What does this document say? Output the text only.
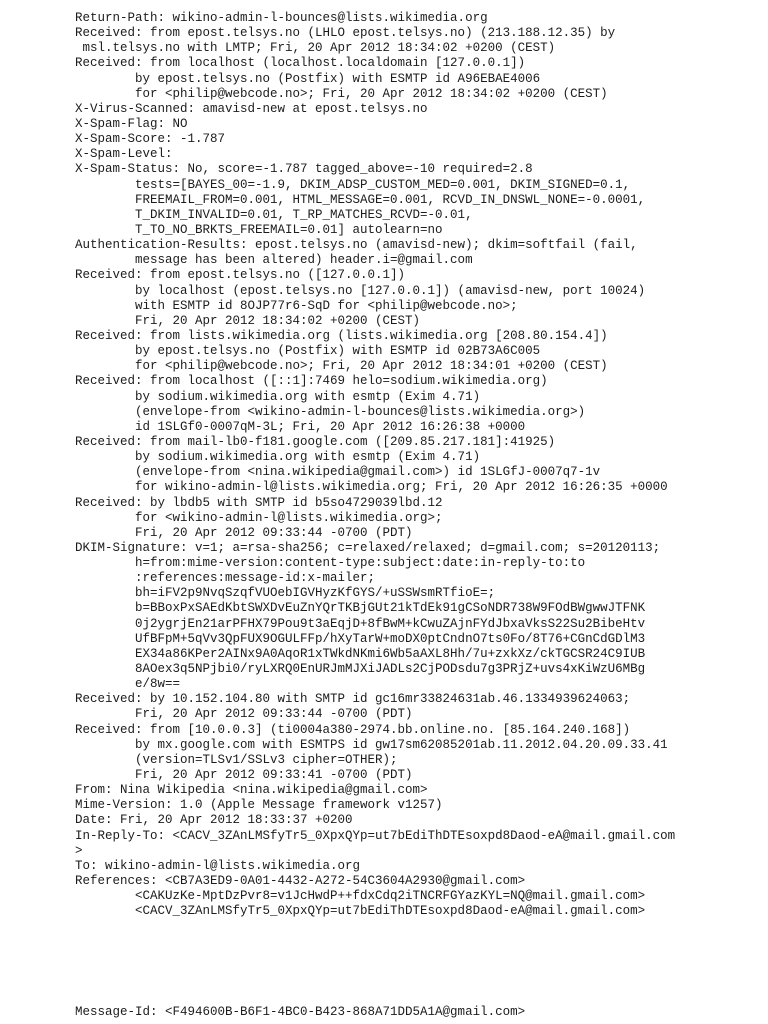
Return-Path: wikino-admin-l-bounces@lists.wikimedia.org
Received: from epost.telsys.no (LHLO epost.telsys.no) (213.188.12.35) by
msl.telsys.no with LMTP; Fri, 20 Apr 2012 18:34:02 +0200 (CEST)
Received: from localhost (localhost.localdomain [127.0.0.1])
by epost.telsys.no (Postfix) with ESMTP id A96EBAE4006
for <philip@webcode.no>; Fri, 20 Apr 2012 18:34:02 +0200 (CEST)
X-Virus-Scanned: amavisd-new at epost.telsys.no
X-Spam-Flag: NO
X-Spam-Score: -1.787
X-Spam-Level:
X-Spam-Status: No, score=-1.787 tagged_above=-10 required=2.8
tests=[BAYES_00=-1.9, DKIM_ADSP_CUSTOM_MED=0.001, DKIM_SIGNED=0.1,
FREEMAIL_FROM=0.001, HTML_MESSAGE=0.001, RCVD_IN_DNSWL_NONE=-0.0001,
T_DKIM_INVALID=0.01, T_RP_MATCHES_RCVD=-0.01,
T_TO_NO_BRKTS_FREEMAIL=0.01] autolearn=no
Authentication-Results: epost.telsys.no (amavisd-new); dkim=softfail (fail,
message has been altered) header.i=@gmail.com
Received: from epost.telsys.no ([127.0.0.1])
by localhost (epost.telsys.no [127.0.0.1]) (amavisd-new, port 10024)
with ESMTP id 8OJP77r6-SqD for <philip@webcode.no>;
Fri, 20 Apr 2012 18:34:02 +0200 (CEST)
Received: from lists.wikimedia.org (lists.wikimedia.org [208.80.154.4])
by epost.telsys.no (Postfix) with ESMTP id 02B73A6C005
for <philip@webcode.no>; Fri, 20 Apr 2012 18:34:01 +0200 (CEST)
Received: from localhost ([::1]:7469 helo=sodium.wikimedia.org)
by sodium.wikimedia.org with esmtp (Exim 4.71)
(envelope-from <wikino-admin-l-bounces@lists.wikimedia.org>)
id 1SLGf0-0007qM-3L; Fri, 20 Apr 2012 16:26:38 +0000
Received: from mail-lb0-f181.google.com ([209.85.217.181]:41925)
by sodium.wikimedia.org with esmtp (Exim 4.71)
(envelope-from <nina.wikipedia@gmail.com>) id 1SLGfJ-0007q7-1v
for wikino-admin-l@lists.wikimedia.org; Fri, 20 Apr 2012 16:26:35 +0000
Received: by lbdb5 with SMTP id b5so4729039lbd.12
for <wikino-admin-l@lists.wikimedia.org>;
Fri, 20 Apr 2012 09:33:44 -0700 (PDT)
DKIM-Signature: v=1; a=rsa-sha256; c=relaxed/relaxed; d=gmail.com; s=20120113;
h=from:mime-version:content-type:subject:date:in-reply-to:to
:references:message-id:x-mailer;
bh=iFV2p9NvqSzqfVUOebIGVHyzKfGYS/+uSSWsmRTfioE=;
b=BBoxPxSAEdKbtSWXDvEuZnYQrTKBjGUt21kTdEk91gCSoNDR738W9FOdBWgwwJTFNK
0j2ygrjEn21arPFHX79Pou9t3aEqjD+8fBwM+kCwuZAjnFYdJbxaVksS22Su2BibeHtv
UfBFpM+5qVv3QpFUX9OGULFFp/hXyTarW+moDX0ptCndnO7ts0Fo/8T76+CGnCdGDlM3
EX34a86KPer2AINx9A0AqoR1xTWkdNKmi6Wb5aAXL8Hh/7u+zxkXz/ckTGCSR24C9IUB
8AOex3q5NPjbi0/ryLXRQ0EnURJmMJXiJADLs2CjPODsdu7g3PRjZ+uvs4xKiWzU6MBg
e/8w==
Received: by 10.152.104.80 with SMTP id gc16mr33824631ab.46.1334939624063;
Fri, 20 Apr 2012 09:33:44 -0700 (PDT)
Received: from [10.0.0.3] (ti0004a380-2974.bb.online.no. [85.164.240.168])
by mx.google.com with ESMTPS id gw17sm62085201ab.11.2012.04.20.09.33.41
(version=TLSv1/SSLv3 cipher=OTHER);
Fri, 20 Apr 2012 09:33:41 -0700 (PDT)
From: Nina Wikipedia <nina.wikipedia@gmail.com>
Mime-Version: 1.0 (Apple Message framework v1257)
Date: Fri, 20 Apr 2012 18:33:37 +0200
In-Reply-To: <CACV_3ZAnLMSfyTr5_0XpxQYp=ut7bEdiThDTEsoxpd8Daod-eA@mail.gmail.com
>
To: wikino-admin-l@lists.wikimedia.org
References: <CB7A3ED9-0A01-4432-A272-54C3604A2930@gmail.com>
<CAKUzKe-MptDzPvr8=v1JcHwdP++fdxCdq2iTNCRFGYazKYL=NQ@mail.gmail.com>
<CACV_3ZAnLMSfyTr5_0XpxQYp=ut7bEdiThDTEsoxpd8Daod-eA@mail.gmail.com>
Message-Id: <F494600B-B6F1-4BC0-B423-868A71DD5A1A@gmail.com>
